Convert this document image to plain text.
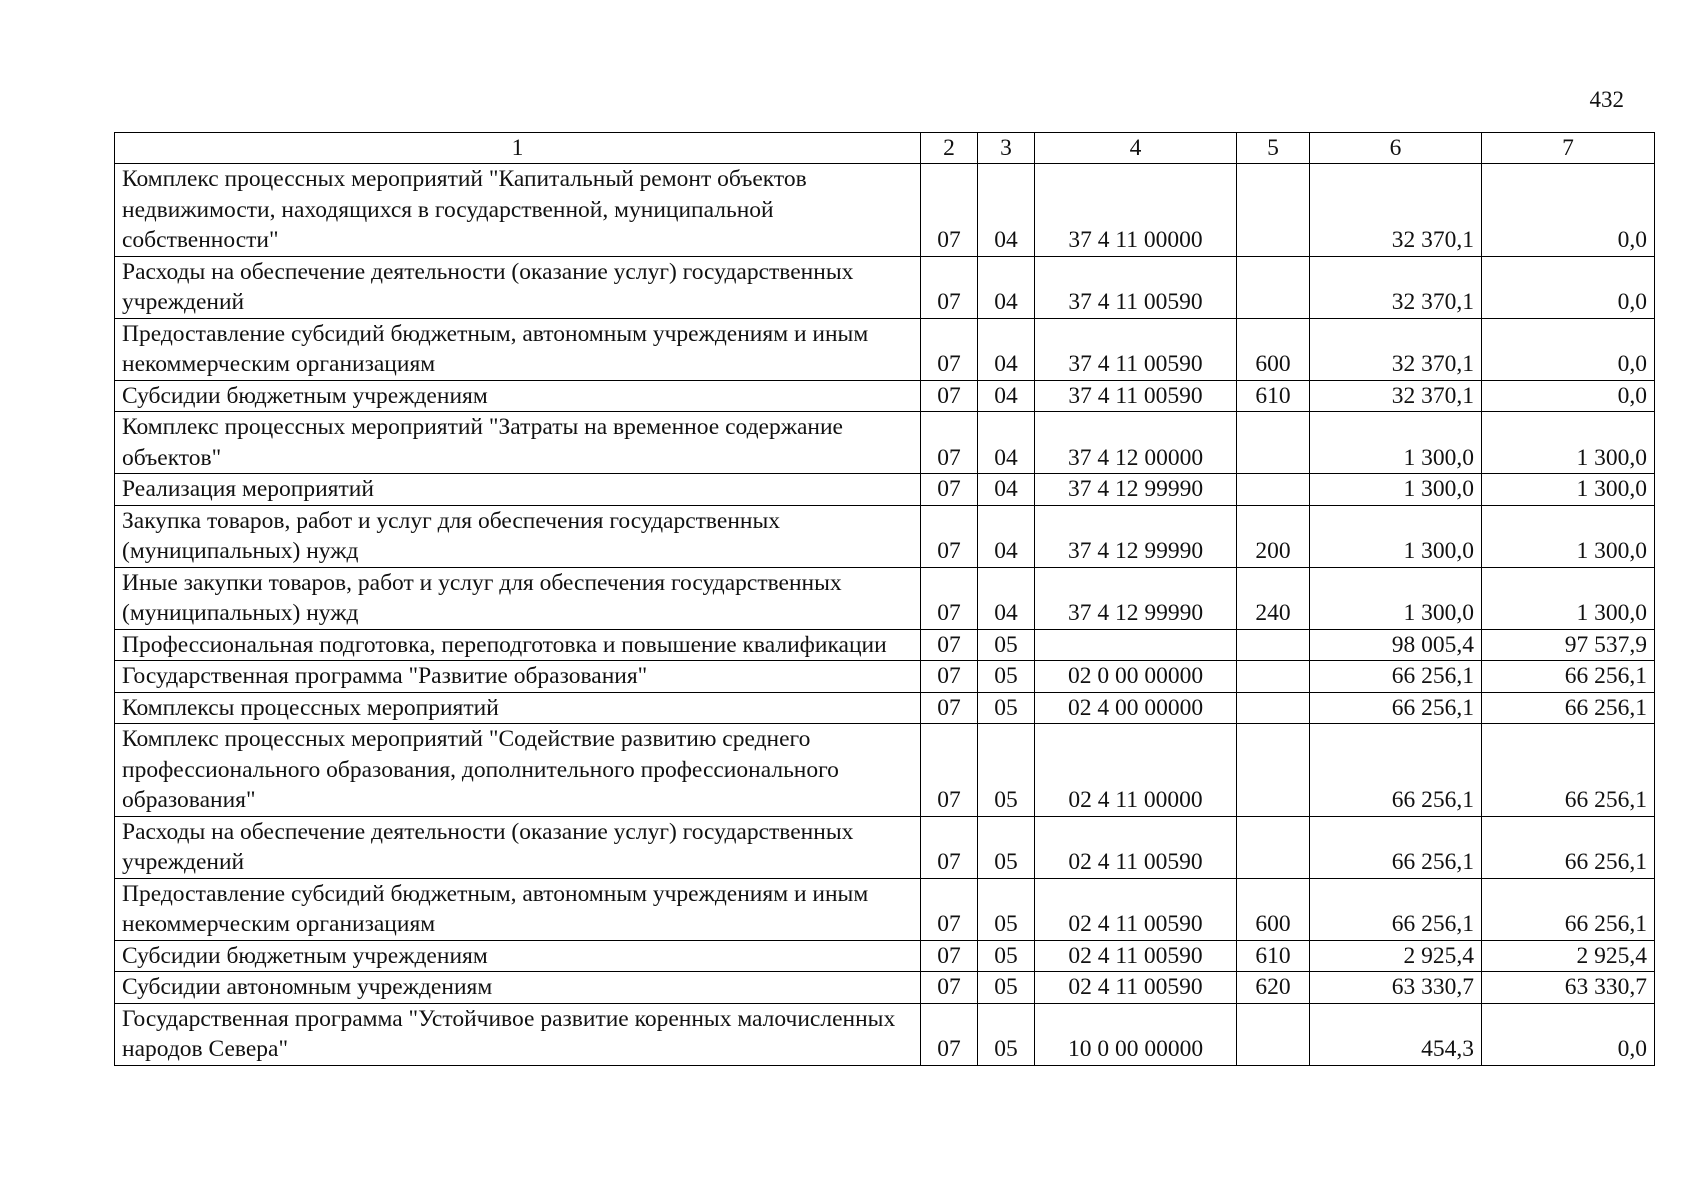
432
1	2	3	4	5	6	7
Комплекс процессных мероприятий "Капитальный ремонт объектов недвижимости, находящихся в государственной, муниципальной собственности"	07	04	37 4 11 00000		32 370,1	0,0
Расходы на обеспечение деятельности (оказание услуг) государственных учреждений	07	04	37 4 11 00590		32 370,1	0,0
Предоставление субсидий бюджетным, автономным учреждениям и иным некоммерческим организациям	07	04	37 4 11 00590	600	32 370,1	0,0
Субсидии бюджетным учреждениям	07	04	37 4 11 00590	610	32 370,1	0,0
Комплекс процессных мероприятий "Затраты на временное содержание объектов"	07	04	37 4 12 00000		1 300,0	1 300,0
Реализация мероприятий	07	04	37 4 12 99990		1 300,0	1 300,0
Закупка товаров, работ и услуг для обеспечения государственных (муниципальных) нужд	07	04	37 4 12 99990	200	1 300,0	1 300,0
Иные закупки товаров, работ и услуг для обеспечения государственных (муниципальных) нужд	07	04	37 4 12 99990	240	1 300,0	1 300,0
Профессиональная подготовка, переподготовка и повышение квалификации	07	05			98 005,4	97 537,9
Государственная программа "Развитие образования"	07	05	02 0 00 00000		66 256,1	66 256,1
Комплексы процессных мероприятий	07	05	02 4 00 00000		66 256,1	66 256,1
Комплекс процессных мероприятий "Содействие развитию среднего профессионального образования, дополнительного профессионального образования"	07	05	02 4 11 00000		66 256,1	66 256,1
Расходы на обеспечение деятельности (оказание услуг) государственных учреждений	07	05	02 4 11 00590		66 256,1	66 256,1
Предоставление субсидий бюджетным, автономным учреждениям и иным некоммерческим организациям	07	05	02 4 11 00590	600	66 256,1	66 256,1
Субсидии бюджетным учреждениям	07	05	02 4 11 00590	610	2 925,4	2 925,4
Субсидии автономным учреждениям	07	05	02 4 11 00590	620	63 330,7	63 330,7
Государственная программа "Устойчивое развитие коренных малочисленных народов Севера"	07	05	10 0 00 00000		454,3	0,0
